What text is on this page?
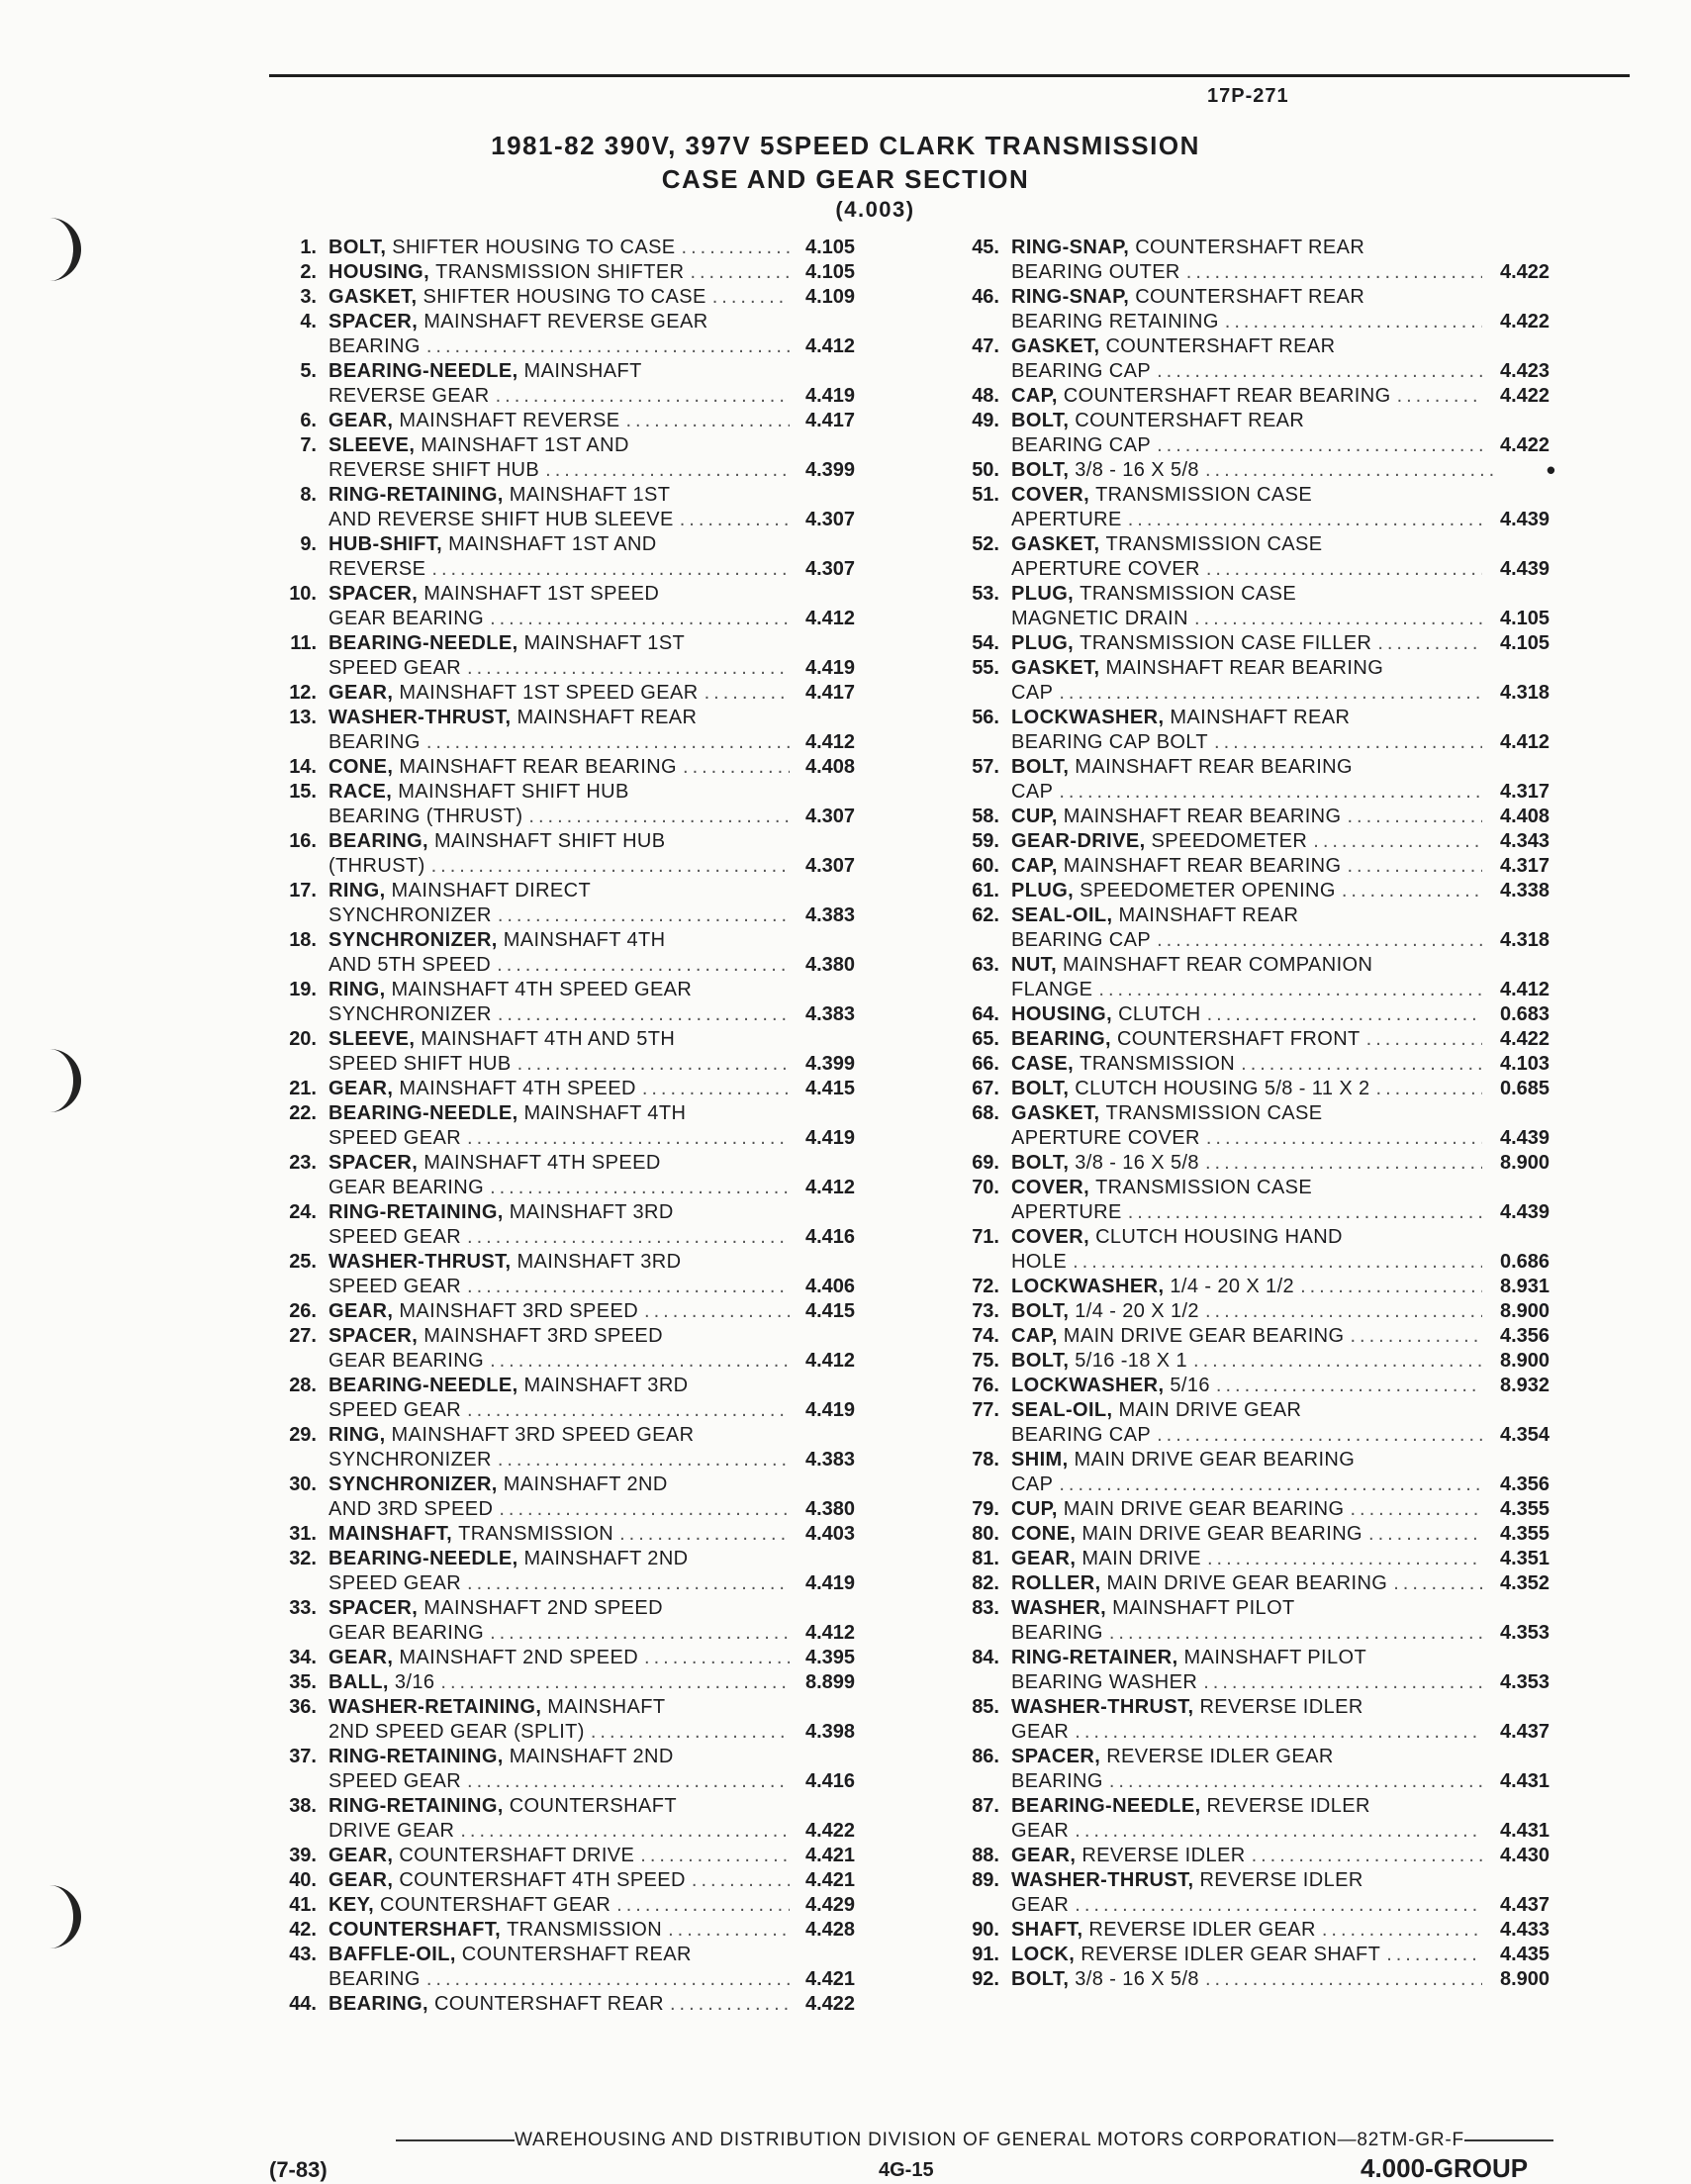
17P-271
1981-82 390V, 397V 5SPEED CLARK TRANSMISSION
CASE AND GEAR SECTION
(4.003)
1. BOLT,
SHIFTER HOUSING TO CASE .....	4.105
2. HOUSING,
TRANSMISSION SHIFTER .....	4.105
3. GASKET,
SHIFTER HOUSING TO CASE .....	4.109
4. SPACER, MAINSHAFT REVERSE GEAR
BEARING .....	4.412
5. BEARING-NEEDLE, MAINSHAFT
REVERSE GEAR .....	4.419
6. GEAR,
MAINSHAFT REVERSE .....	4.417
7. SLEEVE, MAINSHAFT 1ST AND
REVERSE SHIFT HUB .....	4.399
8. RING-RETAINING, MAINSHAFT 1ST
AND REVERSE SHIFT HUB SLEEVE .....	4.307
9. HUB-SHIFT, MAINSHAFT 1ST AND
REVERSE .....	4.307
10. SPACER, MAINSHAFT 1ST SPEED
GEAR BEARING .....	4.412
11. BEARING-NEEDLE, MAINSHAFT 1ST
SPEED GEAR .....	4.419
12. GEAR,
MAINSHAFT 1ST SPEED GEAR .....	4.417
13. WASHER-THRUST, MAINSHAFT REAR
BEARING .....	4.412
14. CONE,
MAINSHAFT REAR BEARING .....	4.408
15. RACE, MAINSHAFT SHIFT HUB
BEARING (THRUST) .....	4.307
16. BEARING, MAINSHAFT SHIFT HUB
(THRUST) .....	4.307
17. RING, MAINSHAFT DIRECT
SYNCHRONIZER .....	4.383
18. SYNCHRONIZER, MAINSHAFT 4TH
AND 5TH SPEED .....	4.380
19. RING, MAINSHAFT 4TH SPEED GEAR
SYNCHRONIZER .....	4.383
20. SLEEVE, MAINSHAFT 4TH AND 5TH
SPEED SHIFT HUB .....	4.399
21. GEAR,
MAINSHAFT 4TH SPEED .....	4.415
22. BEARING-NEEDLE, MAINSHAFT 4TH
SPEED GEAR .....	4.419
23. SPACER, MAINSHAFT 4TH SPEED
GEAR BEARING .....	4.412
24. RING-RETAINING, MAINSHAFT 3RD
SPEED GEAR .....	4.416
25. WASHER-THRUST, MAINSHAFT 3RD
SPEED GEAR .....	4.406
26. GEAR,
MAINSHAFT 3RD SPEED .....	4.415
27. SPACER, MAINSHAFT 3RD SPEED
GEAR BEARING .....	4.412
28. BEARING-NEEDLE, MAINSHAFT 3RD
SPEED GEAR .....	4.419
29. RING, MAINSHAFT 3RD SPEED GEAR
SYNCHRONIZER .....	4.383
30. SYNCHRONIZER, MAINSHAFT 2ND
AND 3RD SPEED .....	4.380
31. MAINSHAFT,
TRANSMISSION .....	4.403
32. BEARING-NEEDLE, MAINSHAFT 2ND
SPEED GEAR .....	4.419
33. SPACER, MAINSHAFT 2ND SPEED
GEAR BEARING .....	4.412
34. GEAR,
MAINSHAFT 2ND SPEED .....	4.395
35. BALL,
3/16 .....	8.899
36. WASHER-RETAINING, MAINSHAFT
2ND SPEED GEAR (SPLIT) .....	4.398
37. RING-RETAINING, MAINSHAFT 2ND
SPEED GEAR .....	4.416
38. RING-RETAINING, COUNTERSHAFT
DRIVE GEAR .....	4.422
39. GEAR,
COUNTERSHAFT DRIVE .....	4.421
40. GEAR,
COUNTERSHAFT 4TH SPEED .....	4.421
41. KEY,
COUNTERSHAFT GEAR .....	4.429
42. COUNTERSHAFT,
TRANSMISSION .....	4.428
43. BAFFLE-OIL, COUNTERSHAFT REAR
BEARING .....	4.421
44. BEARING,
COUNTERSHAFT REAR .....	4.422
45. RING-SNAP, COUNTERSHAFT REAR
BEARING OUTER .....	4.422
46. RING-SNAP, COUNTERSHAFT REAR
BEARING RETAINING .....	4.422
47. GASKET, COUNTERSHAFT REAR
BEARING CAP .....	4.423
48. CAP,
COUNTERSHAFT REAR BEARING .....	4.422
49. BOLT, COUNTERSHAFT REAR
BEARING CAP .....	4.422
50. BOLT,
3/8 - 16 X 5/8 .....	•
51. COVER, TRANSMISSION CASE
APERTURE .....	4.439
52. GASKET, TRANSMISSION CASE
APERTURE COVER .....	4.439
53. PLUG, TRANSMISSION CASE
MAGNETIC DRAIN .....	4.105
54. PLUG,
TRANSMISSION CASE FILLER .....	4.105
55. GASKET, MAINSHAFT REAR BEARING
CAP .....	4.318
56. LOCKWASHER, MAINSHAFT REAR
BEARING CAP BOLT .....	4.412
57. BOLT, MAINSHAFT REAR BEARING
CAP .....	4.317
58. CUP,
MAINSHAFT REAR BEARING .....	4.408
59. GEAR-DRIVE,
SPEEDOMETER .....	4.343
60. CAP,
MAINSHAFT REAR BEARING .....	4.317
61. PLUG,
SPEEDOMETER OPENING .....	4.338
62. SEAL-OIL, MAINSHAFT REAR
BEARING CAP .....	4.318
63. NUT, MAINSHAFT REAR COMPANION
FLANGE .....	4.412
64. HOUSING,
CLUTCH .....	0.683
65. BEARING,
COUNTERSHAFT FRONT .....	4.422
66. CASE,
TRANSMISSION .....	4.103
67. BOLT,
CLUTCH HOUSING 5/8 - 11 X 2 .....	0.685
68. GASKET, TRANSMISSION CASE
APERTURE COVER .....	4.439
69. BOLT,
3/8 - 16 X 5/8 .....	8.900
70. COVER, TRANSMISSION CASE
APERTURE .....	4.439
71. COVER, CLUTCH HOUSING HAND
HOLE .....	0.686
72. LOCKWASHER,
1/4 - 20 X 1/2 .....	8.931
73. BOLT,
1/4 - 20 X 1/2 .....	8.900
74. CAP,
MAIN DRIVE GEAR BEARING .....	4.356
75. BOLT,
5/16 -18 X 1 .....	8.900
76. LOCKWASHER,
5/16 .....	8.932
77. SEAL-OIL, MAIN DRIVE GEAR
BEARING CAP .....	4.354
78. SHIM, MAIN DRIVE GEAR BEARING
CAP .....	4.356
79. CUP,
MAIN DRIVE GEAR BEARING .....	4.355
80. CONE,
MAIN DRIVE GEAR BEARING .....	4.355
81. GEAR,
MAIN DRIVE .....	4.351
82. ROLLER,
MAIN DRIVE GEAR BEARING .....	4.352
83. WASHER, MAINSHAFT PILOT
BEARING .....	4.353
84. RING-RETAINER, MAINSHAFT PILOT
BEARING WASHER .....	4.353
85. WASHER-THRUST, REVERSE IDLER
GEAR .....	4.437
86. SPACER, REVERSE IDLER GEAR
BEARING .....	4.431
87. BEARING-NEEDLE, REVERSE IDLER
GEAR .....	4.431
88. GEAR,
REVERSE IDLER .....	4.430
89. WASHER-THRUST, REVERSE IDLER
GEAR .....	4.437
90. SHAFT,
REVERSE IDLER GEAR .....	4.433
91. LOCK,
REVERSE IDLER GEAR SHAFT .....	4.435
92. BOLT,
3/8 - 16 X 5/8 .....	8.900
WAREHOUSING AND DISTRIBUTION DIVISION OF GENERAL MOTORS CORPORATION—82TM-GR-F
(7-83)	4G-15	4.000-GROUP
